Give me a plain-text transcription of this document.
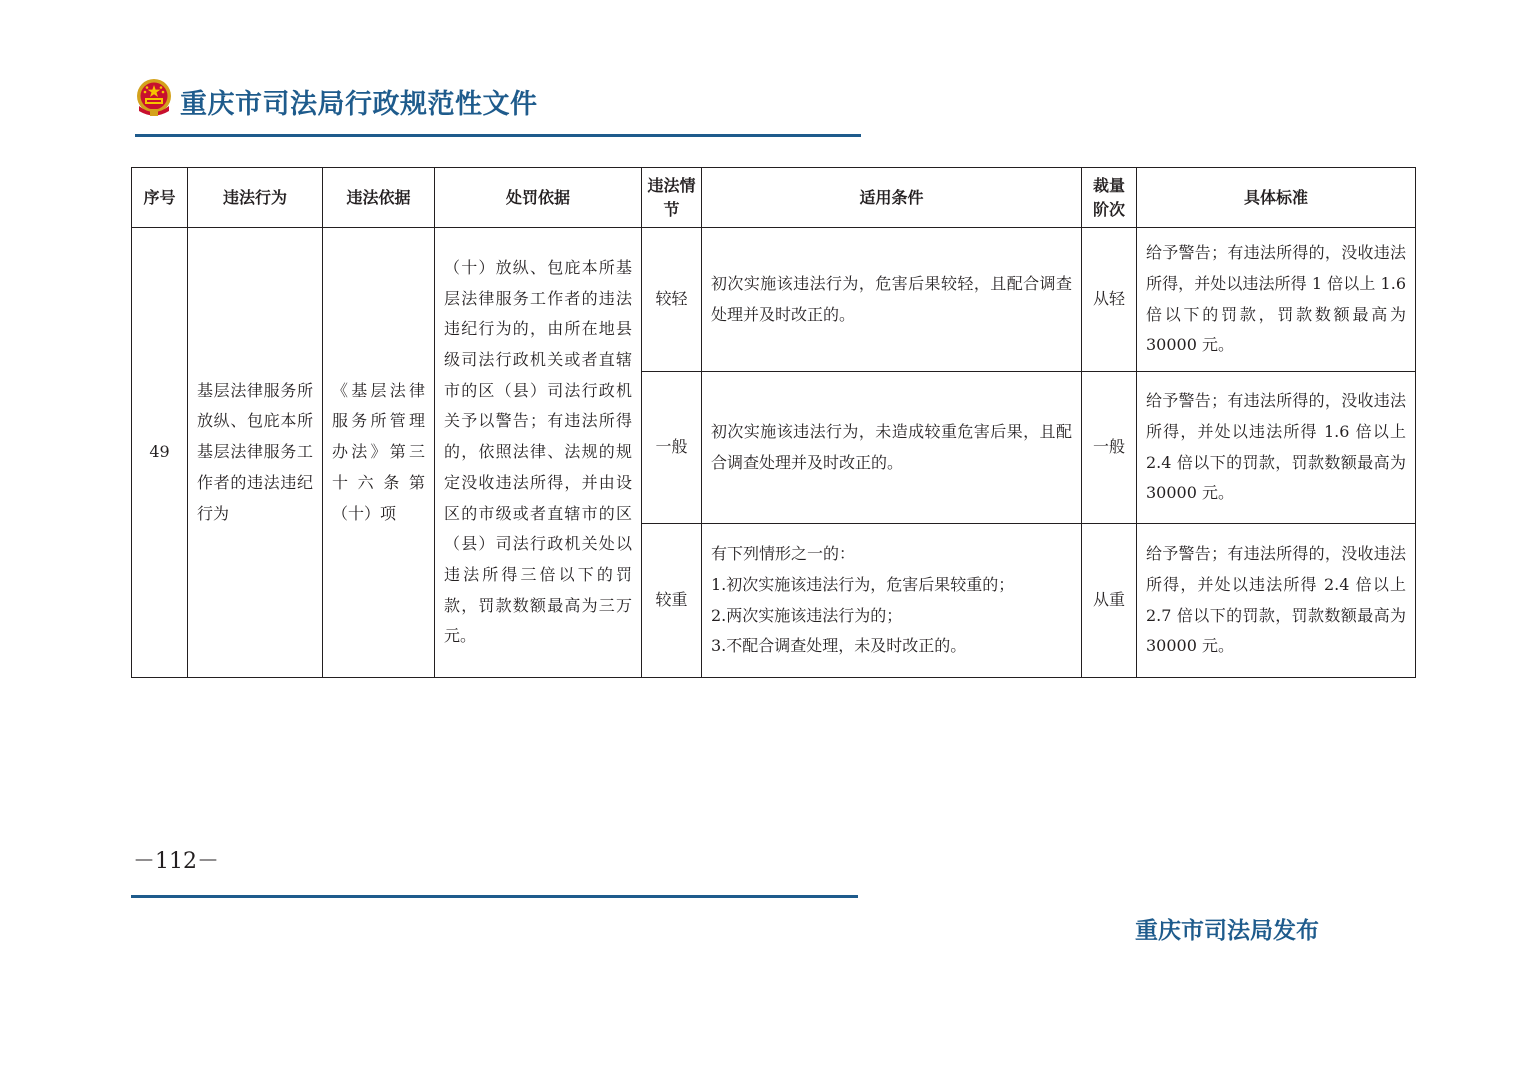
重庆市司法局行政规范性文件
序号	违法行为	违法依据	处罚依据	违法情节	适用条件	裁量阶次	具体标准
49	基层法律服务所放纵、包庇本所基层法律服务工作者的违法违纪行为	《基层法律服务所管理办法》第三十六条第（十）项	（十）放纵、包庇本所基层法律服务工作者的违法违纪行为的，由所在地县级司法行政机关或者直辖市的区（县）司法行政机关予以警告；有违法所得的，依照法律、法规的规定没收违法所得，并由设区的市级或者直辖市的区（县）司法行政机关处以违法所得三倍以下的罚款，罚款数额最高为三万元。	较轻	初次实施该违法行为，危害后果较轻，且配合调查处理并及时改正的。	从轻	给予警告；有违法所得的，没收违法所得，并处以违法所得 1 倍以上 1.6 倍以下的罚款，罚款数额最高为 30000 元。
				一般	初次实施该违法行为，未造成较重危害后果，且配合调查处理并及时改正的。	一般	给予警告；有违法所得的，没收违法所得，并处以违法所得 1.6 倍以上 2.4 倍以下的罚款，罚款数额最高为 30000 元。
				较重	有下列情形之一的：
1.初次实施该违法行为，危害后果较重的；
2.两次实施该违法行为的；
3.不配合调查处理，未及时改正的。	从重	给予警告；有违法所得的，没收违法所得，并处以违法所得 2.4 倍以上 2.7 倍以下的罚款，罚款数额最高为 30000 元。
－112－
重庆市司法局发布
